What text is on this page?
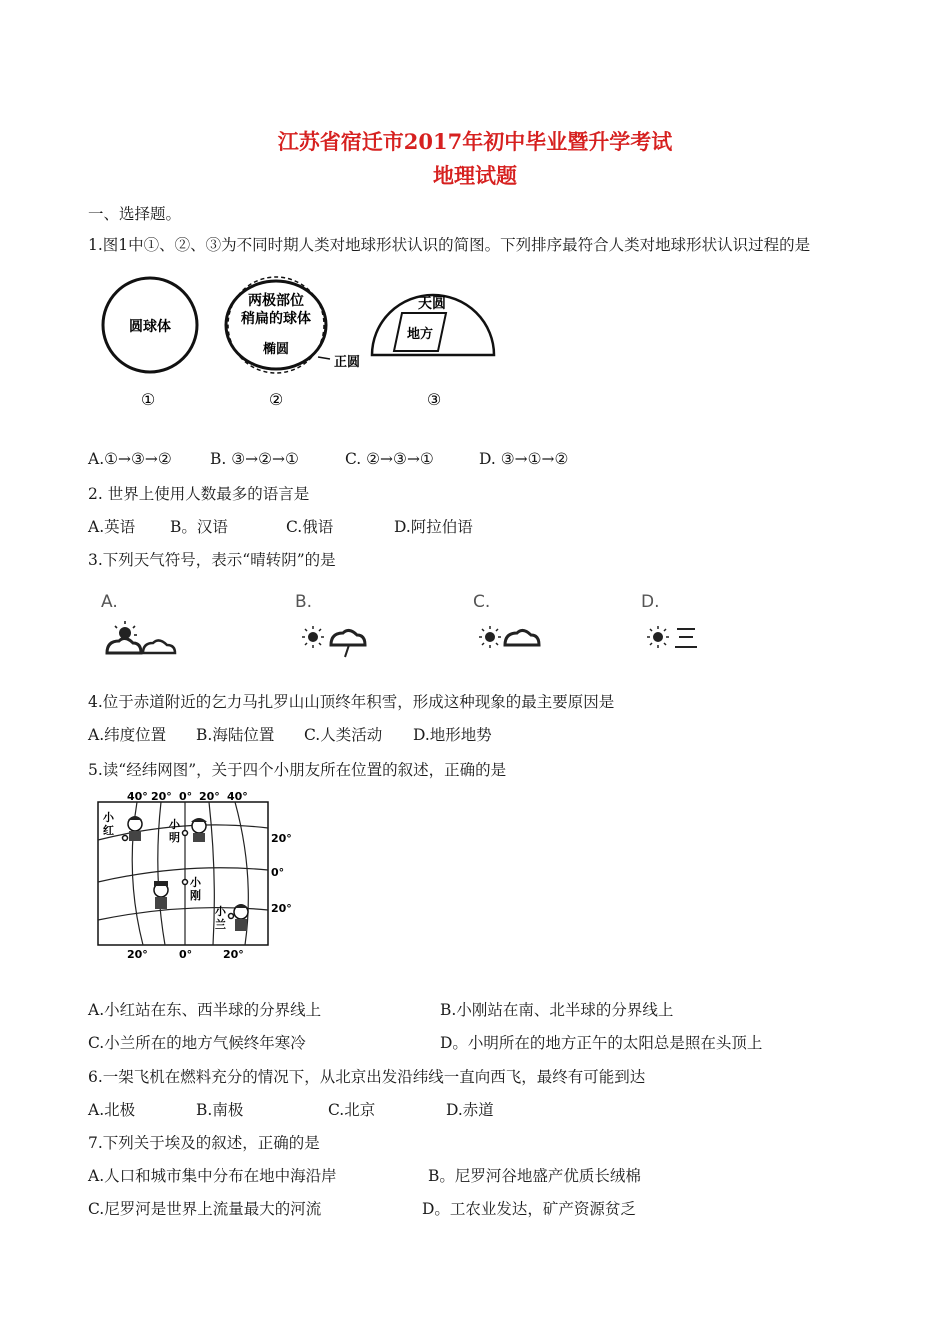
江苏省宿迁市2017年初中毕业暨升学考试
地理试题
一、选择题。
1.图1中①、②、③为不同时期人类对地球形状认识的简图。下列排序最符合人类对地球形状认识过程的是
圆球体
两极部位
稍扁的球体
椭圆
正圆
天圆
地方
①	②	③
A.①→③→② B. ③→②→①	C. ②→③→①	D. ③→①→②
2. 世界上使用人数最多的语言是
A.英语 B。汉语	C.俄语	D.阿拉伯语
3.下列天气符号，表示“晴转阴”的是
A.	B.	C.	D.
4.位于赤道附近的乞力马扎罗山山顶终年积雪，形成这种现象的最主要原因是
A.纬度位置 B.海陆位置 C.人类活动 D.地形地势
5.读“经纬网图”，关于四个小朋友所在位置的叙述，正确的是
40° 20° 0° 20° 40°
20°	0°	20°
20°
0°
20°
小
红	小
明
小
刚
小
兰
A.小红站在东、西半球的分界线上	B.小刚站在南、北半球的分界线上
C.小兰所在的地方气候终年寒冷	D。小明所在的地方正午的太阳总是照在头顶上
6.一架飞机在燃料充分的情况下，从北京出发沿纬线一直向西飞，最终有可能到达
A.北极	B.南极	C.北京	D.赤道
7.下列关于埃及的叙述，正确的是
A.人口和城市集中分布在地中海沿岸	B。尼罗河谷地盛产优质长绒棉
C.尼罗河是世界上流量最大的河流	D。工农业发达，矿产资源贫乏
